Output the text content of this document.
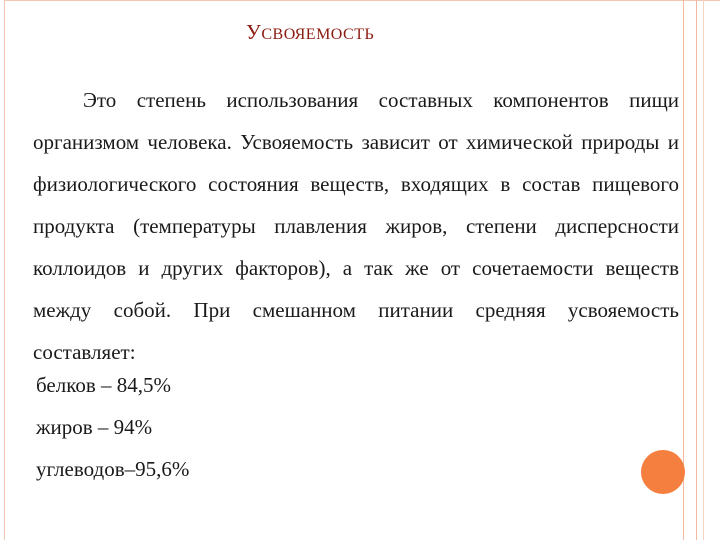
УСВОЯЕМОСТЬ

Это степень использования составных компонентов пищи организмом человека. Усвояемость зависит от химической природы и физиологического состояния веществ, входящих в состав пищевого продукта (температуры плавления жиров, степени дисперсности коллоидов и других факторов), а так же от сочетаемости веществ между собой. При смешанном питании средняя усвояемость составляет:

белков – 84,5%
жиров – 94%
углеводов–95,6%
